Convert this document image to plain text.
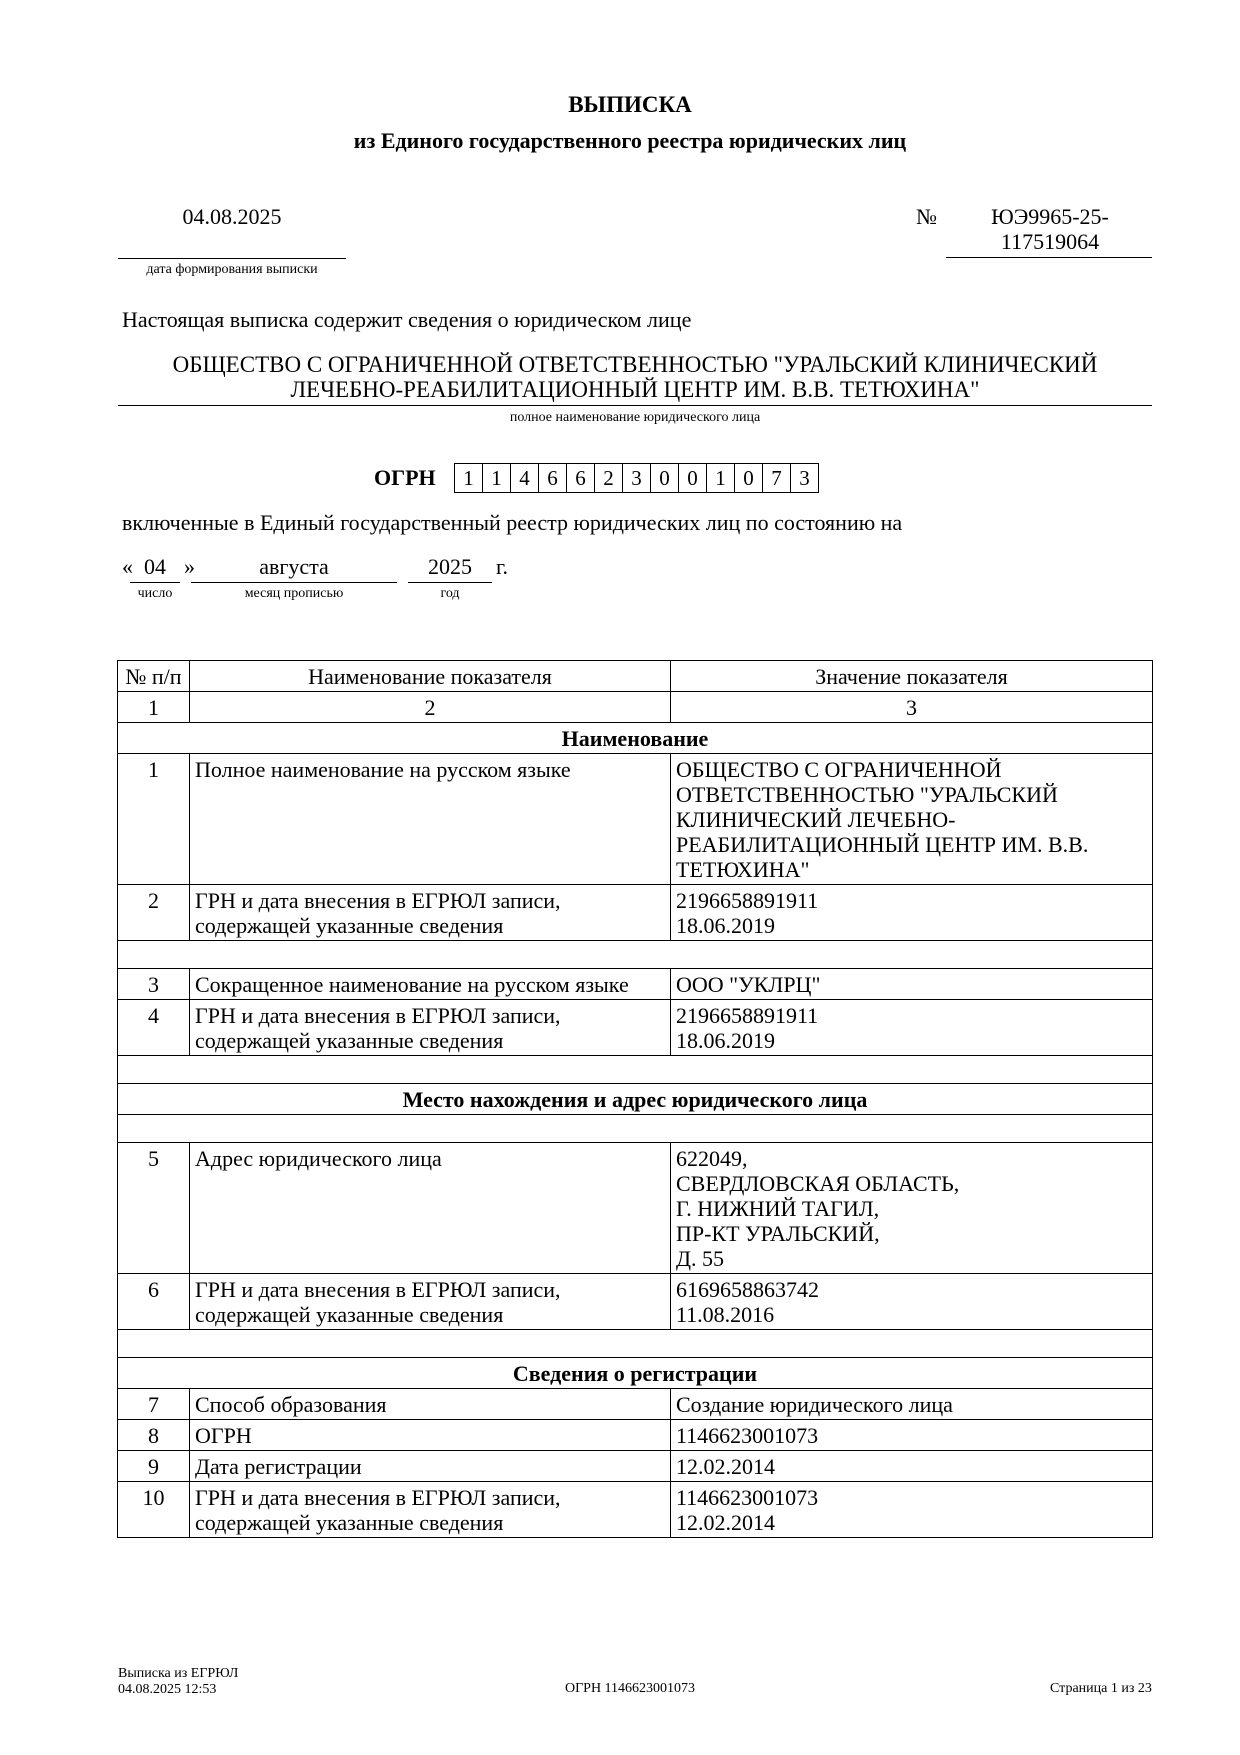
ВЫПИСКА
из Единого государственного реестра юридических лиц
04.08.2025
дата формирования выписки
№	ЮЭ9965-25-117519064
Настоящая выписка содержит сведения о юридическом лице
ОБЩЕСТВО С ОГРАНИЧЕННОЙ ОТВЕТСТВЕННОСТЬЮ "УРАЛЬСКИЙ КЛИНИЧЕСКИЙ ЛЕЧЕБНО-РЕАБИЛИТАЦИОННЫЙ ЦЕНТР ИМ. В.В. ТЕТЮХИНА"
полное наименование юридического лица
ОГРН	1 1 4 6 6 2 3 0 0 1 0 7 3
включенные в Единый государственный реестр юридических лиц по состоянию на
« 04 »	августа	2025	г.
число	месяц прописью	год
№ п/п	Наименование показателя	Значение показателя
1	2	3
Наименование		
1	Полное наименование на русском языке	ОБЩЕСТВО С ОГРАНИЧЕННОЙ
ОТВЕТСТВЕННОСТЬЮ "УРАЛЬСКИЙ
КЛИНИЧЕСКИЙ ЛЕЧЕБНО-
РЕАБИЛИТАЦИОННЫЙ ЦЕНТР ИМ. В.В.
ТЕТЮХИНА"
2	ГРН и дата внесения в ЕГРЮЛ записи, содержащей указанные сведения	2196658891911
18.06.2019

3	Сокращенное наименование на русском языке	ООО "УКЛРЦ"
4	ГРН и дата внесения в ЕГРЮЛ записи, содержащей указанные сведения	2196658891911
18.06.2019

Место нахождения и адрес юридического лица		

5	Адрес юридического лица	622049,
СВЕРДЛОВСКАЯ ОБЛАСТЬ,
Г. НИЖНИЙ ТАГИЛ,
ПР-КТ УРАЛЬСКИЙ,
Д. 55
6	ГРН и дата внесения в ЕГРЮЛ записи, содержащей указанные сведения	6169658863742
11.08.2016

Сведения о регистрации		
7	Способ образования	Создание юридического лица
8	ОГРН	1146623001073
9	Дата регистрации	12.02.2014
10	ГРН и дата внесения в ЕГРЮЛ записи, содержащей указанные сведения	1146623001073
12.02.2014
Выписка из ЕГРЮЛ
04.08.2025 12:53	ОГРН 1146623001073	Страница 1 из 23
